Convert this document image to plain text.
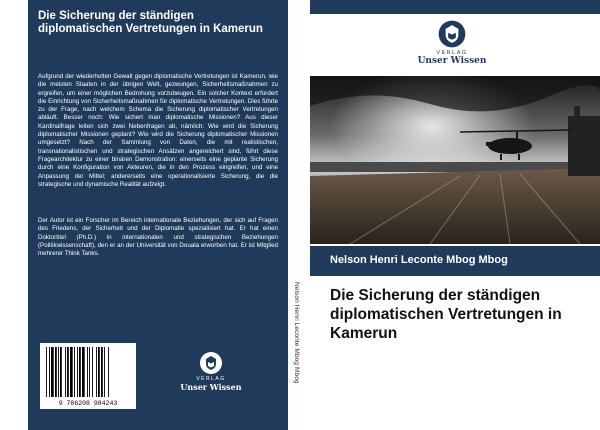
Die Sicherung der ständigen diplomatischen Vertretungen in Kamerun
Aufgrund der wiederholten Gewalt gegen diplomatische Vertretungen ist Kamerun, wie die meisten Staaten in der übrigen Welt, gezwungen, Sicherheitsmaßnahmen zu ergreifen, um einer möglichen Bedrohung vorzubeugen. Ein solcher Kontext erfordert die Einrichtung von Sicherheitsmaßnahmen für diplomatische Vertretungen. Dies führte zu der Frage, nach welchem Schema die Sicherung diplomatischer Vertretungen abläuft. Besser noch: Wie sichert man diplomatische Missionen? Aus dieser Kardinalfrage leiten sich zwei Nebenfragen ab, nämlich: Wie wird die Sicherung diplomatischer Missionen geplant? Wie wird die Sicherung diplomatischer Missionen umgesetzt? Nach der Sammlung von Daten, die mit realistischen, transnationalistischen und strategischen Ansätzen angereichert sind, führt diese Fragearchitektur zu einer binären Demonstration: einerseits eine geplante Sicherung durch eine Konfiguration von Akteuren, die in den Prozess eingreifen, und eine Anpassung der Mittel; andererseits eine operationalisierte Sicherung, die die strategische und dynamische Realität aufzeigt.
Der Autor ist ein Forscher im Bereich internationale Beziehungen, der sich auf Fragen des Friedens, der Sicherheit und der Diplomatie spezialisiert hat. Er hat einen Doktortitel (Ph.D.) in internationalen und strategischen Beziehungen (Politikwissenschaft), den er an der Universität von Douala erworben hat. Er ist Mitglied mehrerer Think Tanks.
9 786208 984243
VERLAG
Unser Wissen
Nelson Henri Leconte Mbog Mbog
VERLAG
Unser Wissen
Nelson Henri Leconte Mbog Mbog
Die Sicherung der ständigen diplomatischen Vertretungen in Kamerun
